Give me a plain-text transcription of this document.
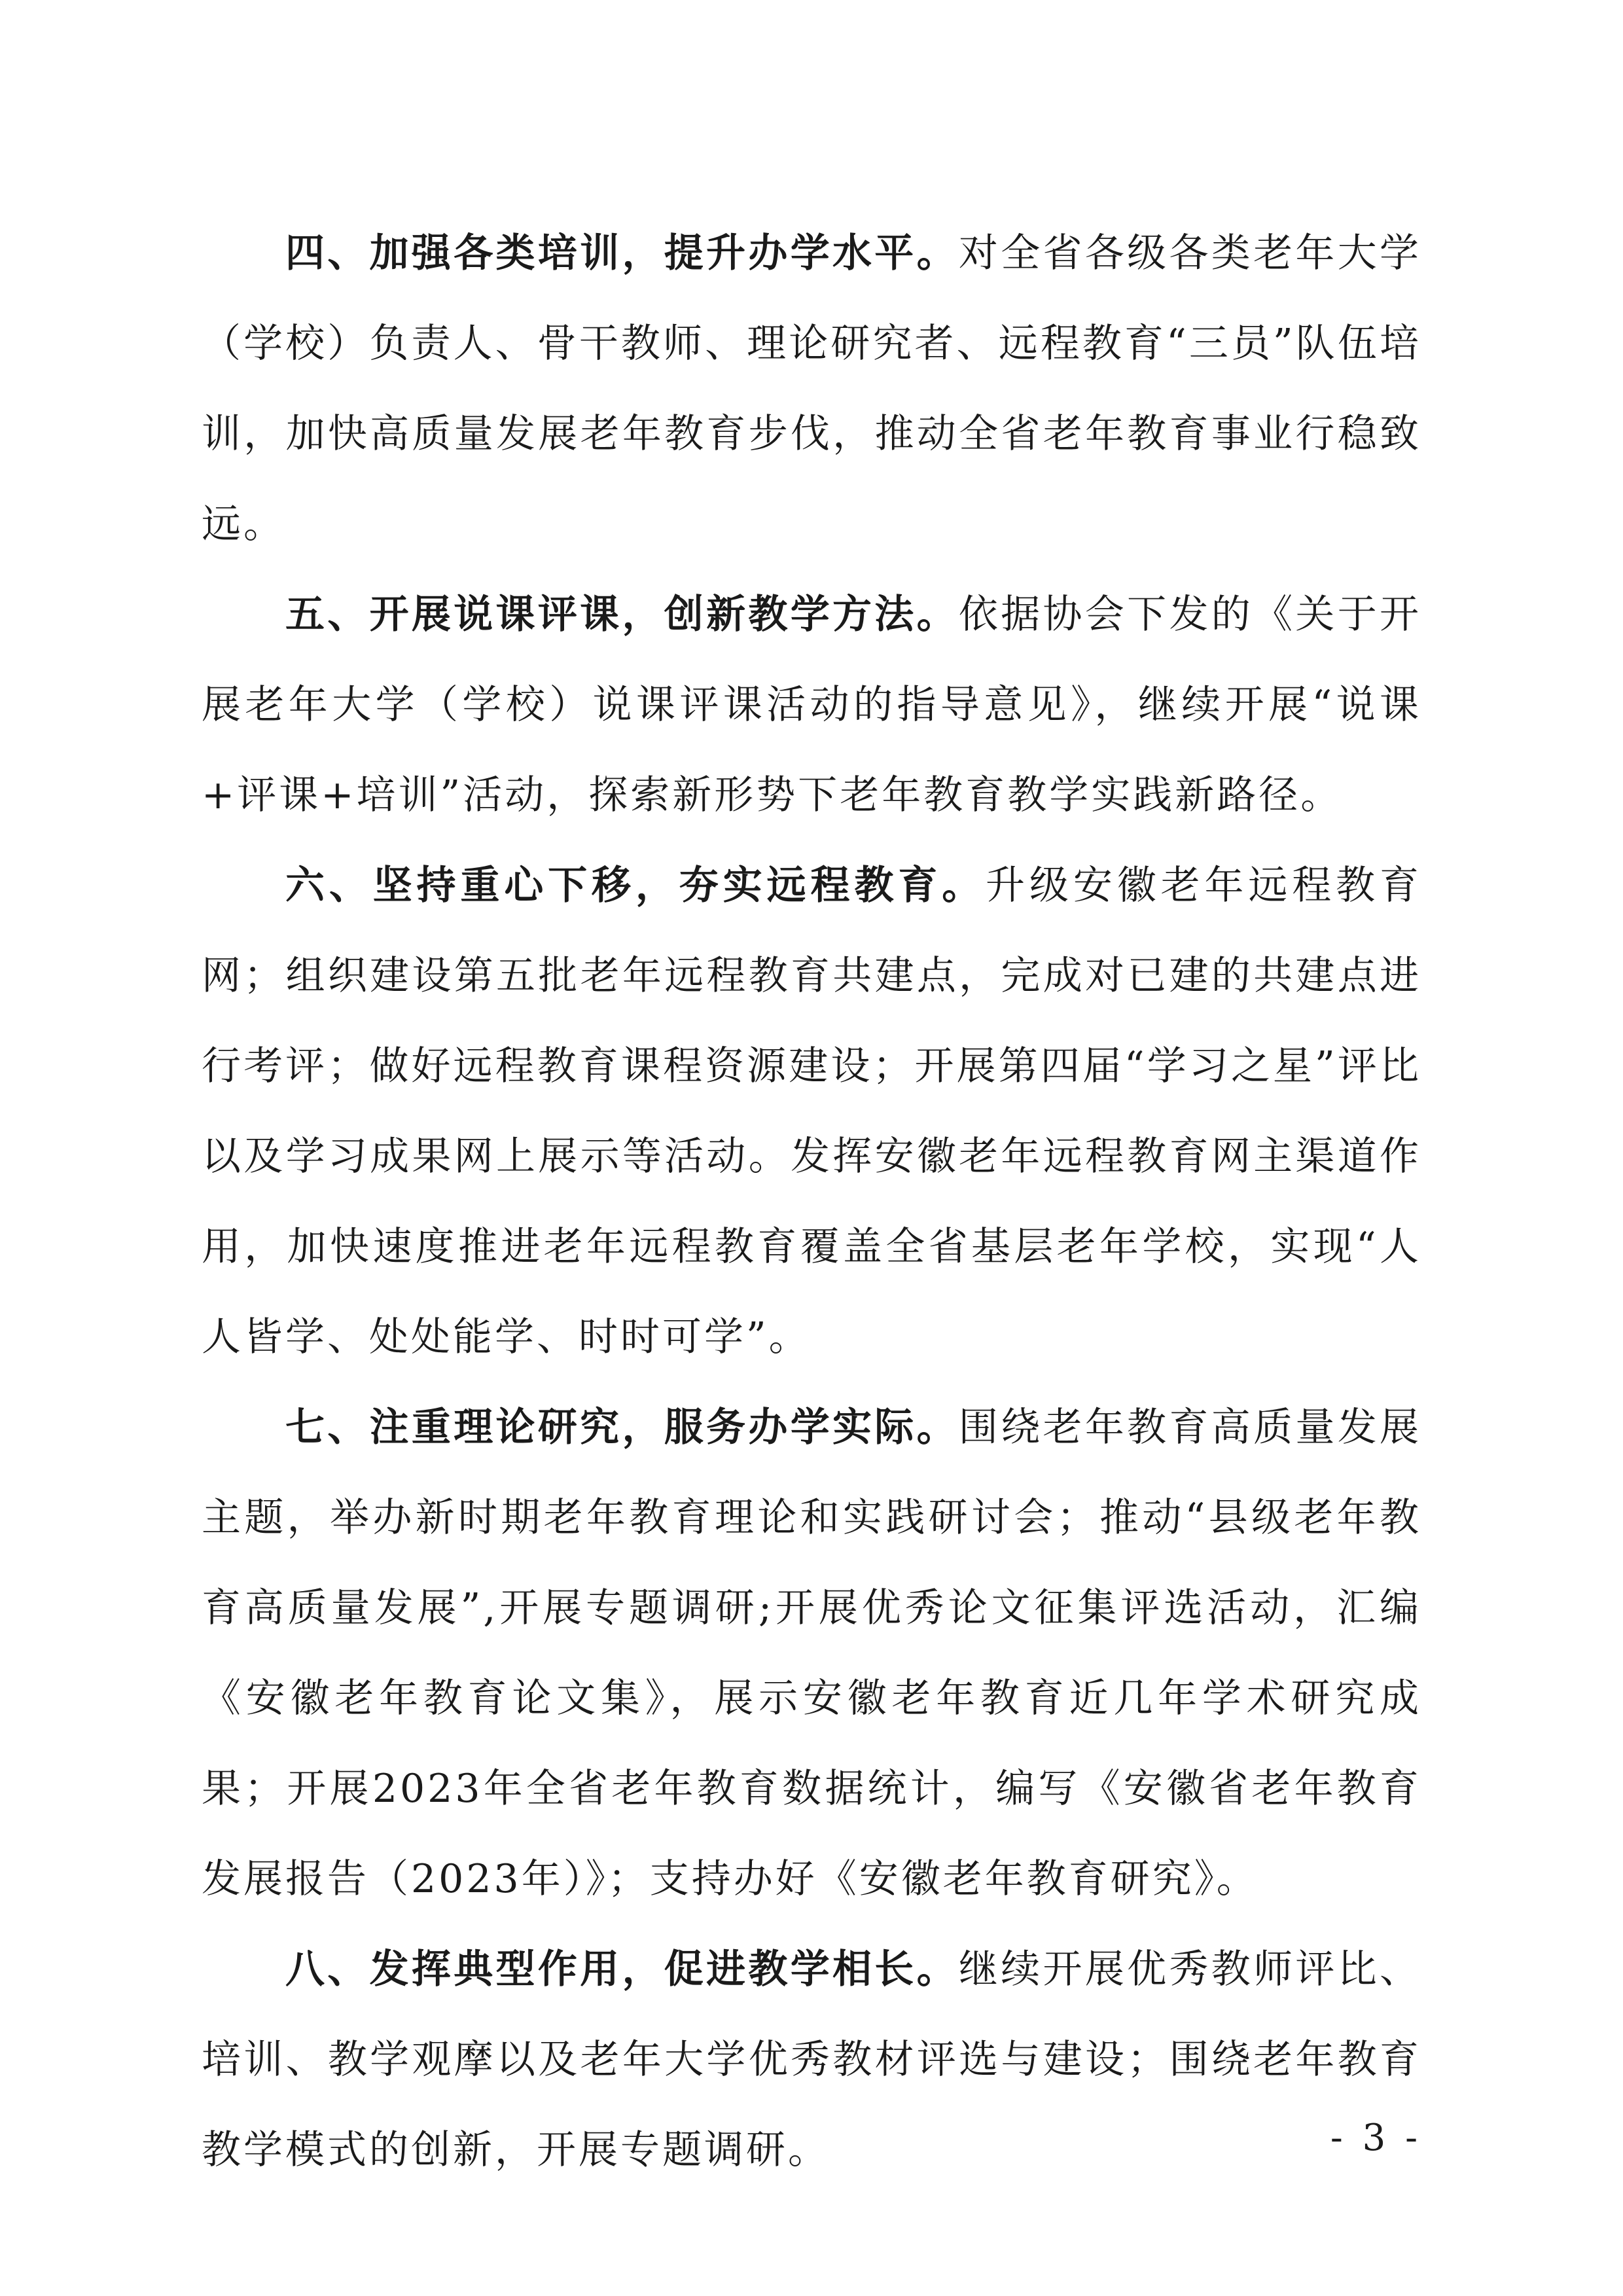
四、加强各类培训，提升办学水平。对全省各级各类老年大学（学校）负责人、骨干教师、理论研究者、远程教育“三员”队伍培训，加快高质量发展老年教育步伐，推动全省老年教育事业行稳致远。

五、开展说课评课，创新教学方法。依据协会下发的《关于开展老年大学（学校）说课评课活动的指导意见》，继续开展“说课+评课+培训”活动，探索新形势下老年教育教学实践新路径。

六、坚持重心下移，夯实远程教育。升级安徽老年远程教育网；组织建设第五批老年远程教育共建点，完成对已建的共建点进行考评；做好远程教育课程资源建设；开展第四届“学习之星”评比以及学习成果网上展示等活动。发挥安徽老年远程教育网主渠道作用，加快速度推进老年远程教育覆盖全省基层老年学校，实现“人人皆学、处处能学、时时可学”。

七、注重理论研究，服务办学实际。围绕老年教育高质量发展主题，举办新时期老年教育理论和实践研讨会；推动“县级老年教育高质量发展”,开展专题调研;开展优秀论文征集评选活动，汇编《安徽老年教育论文集》，展示安徽老年教育近几年学术研究成果；开展2023年全省老年教育数据统计，编写《安徽省老年教育发展报告（2023年）》；支持办好《安徽老年教育研究》。

八、发挥典型作用，促进教学相长。继续开展优秀教师评比、培训、教学观摩以及老年大学优秀教材评选与建设；围绕老年教育教学模式的创新，开展专题调研。	- 3 -
